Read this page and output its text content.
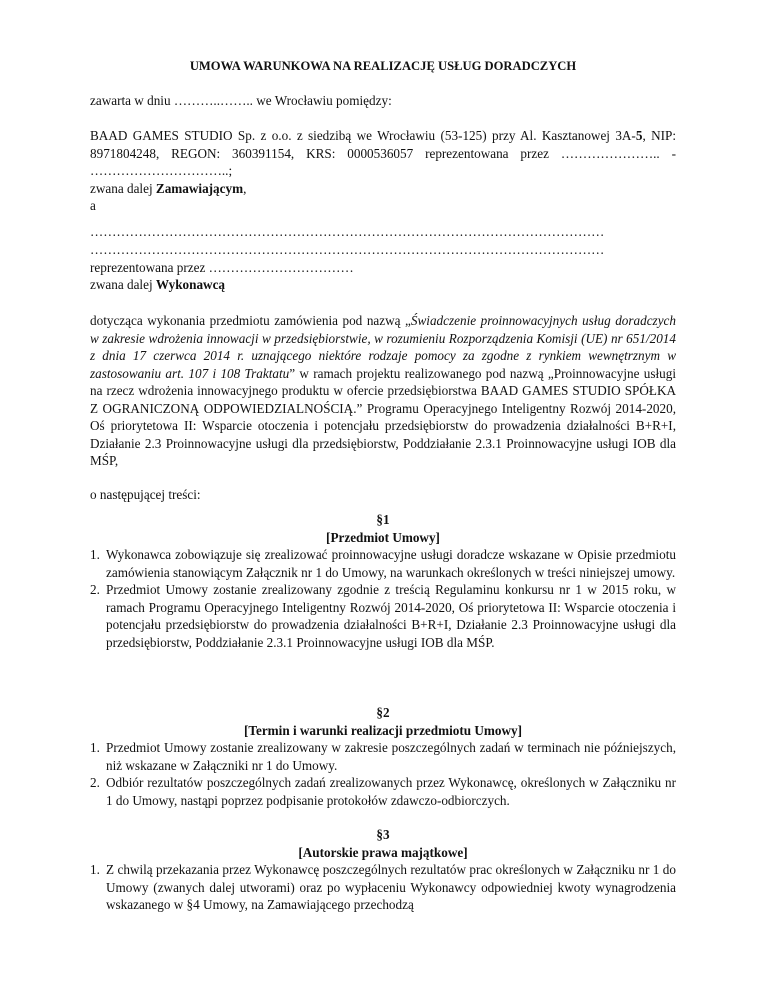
UMOWA WARUNKOWA NA REALIZACJĘ USŁUG DORADCZYCH

zawarta w dniu ………..…….. we Wrocławiu pomiędzy:

BAAD GAMES STUDIO Sp. z o.o. z siedzibą we Wrocławiu (53-125) przy Al. Kasztanowej 3A-5, NIP: 8971804248, REGON: 360391154, KRS: 0000536057 reprezentowana przez ………………….. - …………………………..;

zwana dalej Zamawiającym,

a

………………………………………………………………………………………………………

………………………………………………………………………………………………………

reprezentowana przez ……………………………

zwana dalej Wykonawcą

dotycząca wykonania przedmiotu zamówienia pod nazwą „Świadczenie proinnowacyjnych usług doradczych w zakresie wdrożenia innowacji w przedsiębiorstwie, w rozumieniu Rozporządzenia Komisji (UE) nr 651/2014 z dnia 17 czerwca 2014 r. uznającego niektóre rodzaje pomocy za zgodne z rynkiem wewnętrznym w zastosowaniu art. 107 i 108 Traktatu” w ramach projektu realizowanego pod nazwą „Proinnowacyjne usługi na rzecz wdrożenia innowacyjnego produktu w ofercie przedsiębiorstwa BAAD GAMES STUDIO SPÓŁKA Z OGRANICZONĄ ODPOWIEDZIALNOŚCIĄ.” Programu Operacyjnego Inteligentny Rozwój 2014-2020, Oś priorytetowa II: Wsparcie otoczenia i potencjału przedsiębiorstw do prowadzenia działalności B+R+I, Działanie 2.3 Proinnowacyjne usługi dla przedsiębiorstw, Poddziałanie 2.3.1 Proinnowacyjne usługi IOB dla MŚP,

o następującej treści:

§1
[Przedmiot Umowy]
1. Wykonawca zobowiązuje się zrealizować proinnowacyjne usługi doradcze wskazane w Opisie przedmiotu zamówienia stanowiącym Załącznik nr 1 do Umowy, na warunkach określonych w treści niniejszej umowy.
2. Przedmiot Umowy zostanie zrealizowany zgodnie z treścią Regulaminu konkursu nr 1 w 2015 roku, w ramach Programu Operacyjnego Inteligentny Rozwój 2014-2020, Oś priorytetowa II: Wsparcie otoczenia i potencjału przedsiębiorstw do prowadzenia działalności B+R+I, Działanie 2.3 Proinnowacyjne usługi dla przedsiębiorstw, Poddziałanie 2.3.1 Proinnowacyjne usługi IOB dla MŚP.
§2
[Termin i warunki realizacji przedmiotu Umowy]
1. Przedmiot Umowy zostanie zrealizowany w zakresie poszczególnych zadań w terminach nie późniejszych, niż wskazane w Załączniki nr 1 do Umowy.
2. Odbiór rezultatów poszczególnych zadań zrealizowanych przez Wykonawcę, określonych w Załączniku nr 1 do Umowy, nastąpi poprzez podpisanie protokołów zdawczo-odbiorczych.
§3
[Autorskie prawa majątkowe]
1. Z chwilą przekazania przez Wykonawcę poszczególnych rezultatów prac określonych w Załączniku nr 1 do Umowy (zwanych dalej utworami) oraz po wypłaceniu Wykonawcy odpowiedniej kwoty wynagrodzenia wskazanego w §4 Umowy, na Zamawiającego przechodzą
